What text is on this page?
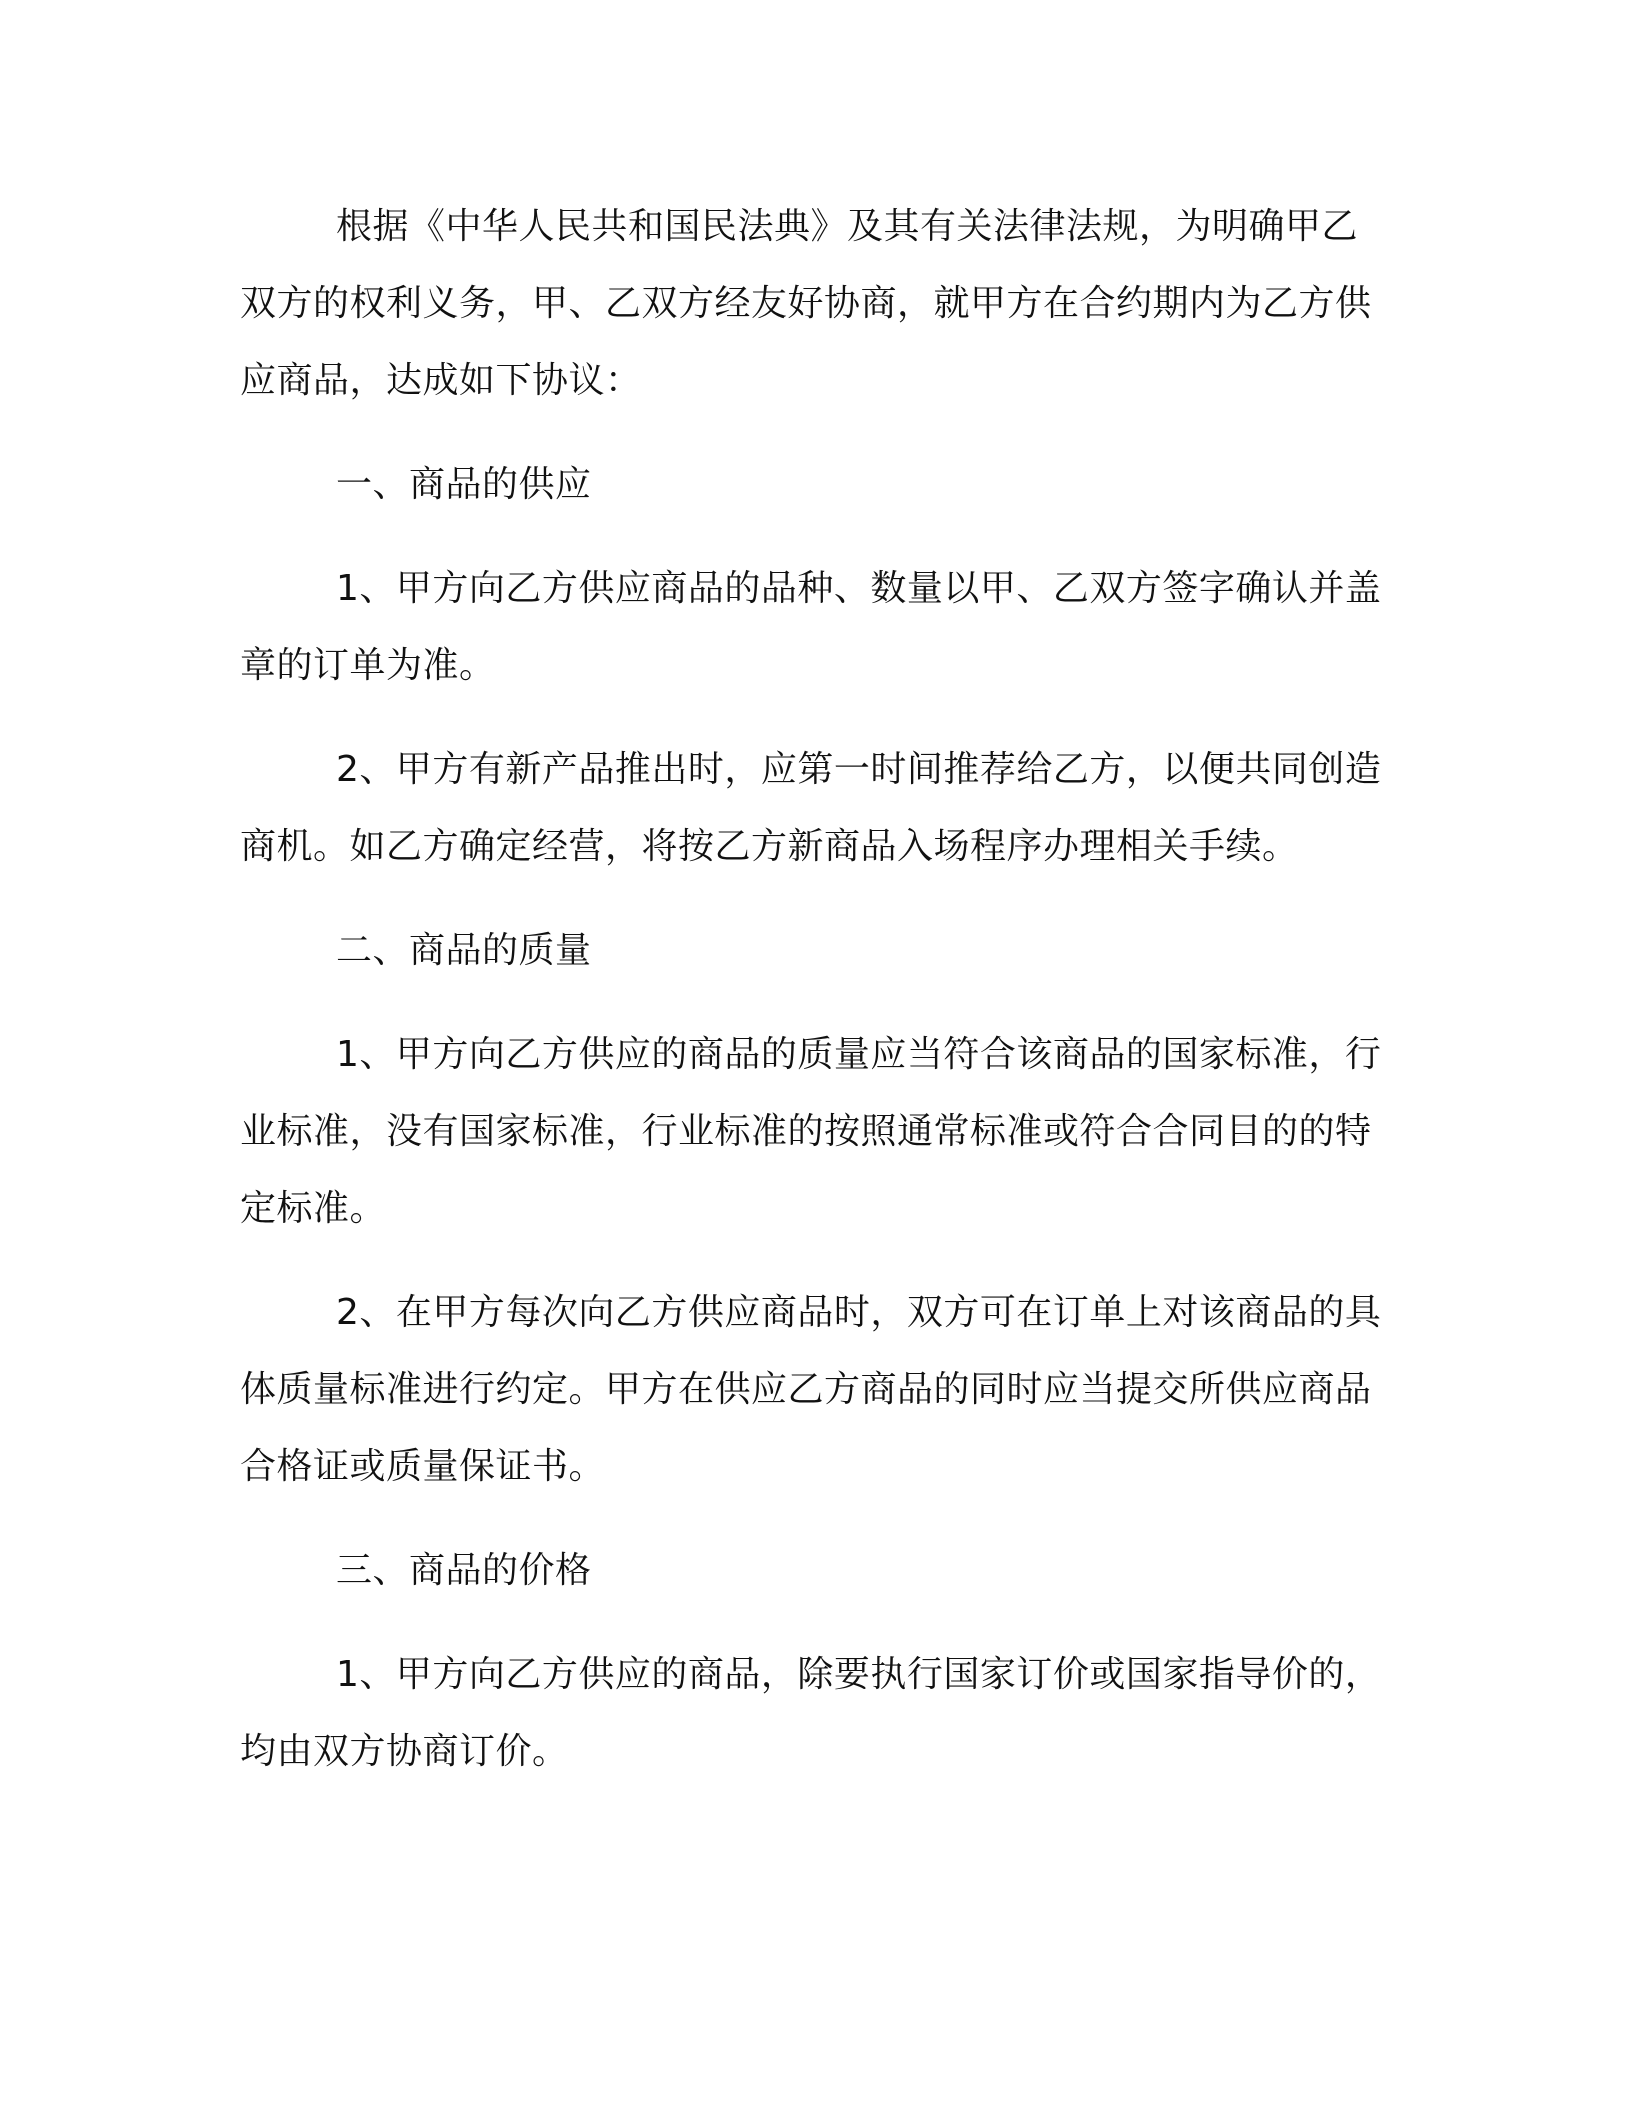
根据《中华人民共和国民法典》及其有关法律法规，为明确甲乙双方的权利义务，甲、乙双方经友好协商，就甲方在合约期内为乙方供应商品，达成如下协议：

一、商品的供应

1、甲方向乙方供应商品的品种、数量以甲、乙双方签字确认并盖章的订单为准。

2、甲方有新产品推出时，应第一时间推荐给乙方，以便共同创造商机。如乙方确定经营，将按乙方新商品入场程序办理相关手续。

二、商品的质量

1、甲方向乙方供应的商品的质量应当符合该商品的国家标准，行业标准，没有国家标准，行业标准的按照通常标准或符合合同目的的特定标准。

2、在甲方每次向乙方供应商品时，双方可在订单上对该商品的具体质量标准进行约定。甲方在供应乙方商品的同时应当提交所供应商品合格证或质量保证书。

三、商品的价格

1、甲方向乙方供应的商品，除要执行国家订价或国家指导价的，均由双方协商订价。
